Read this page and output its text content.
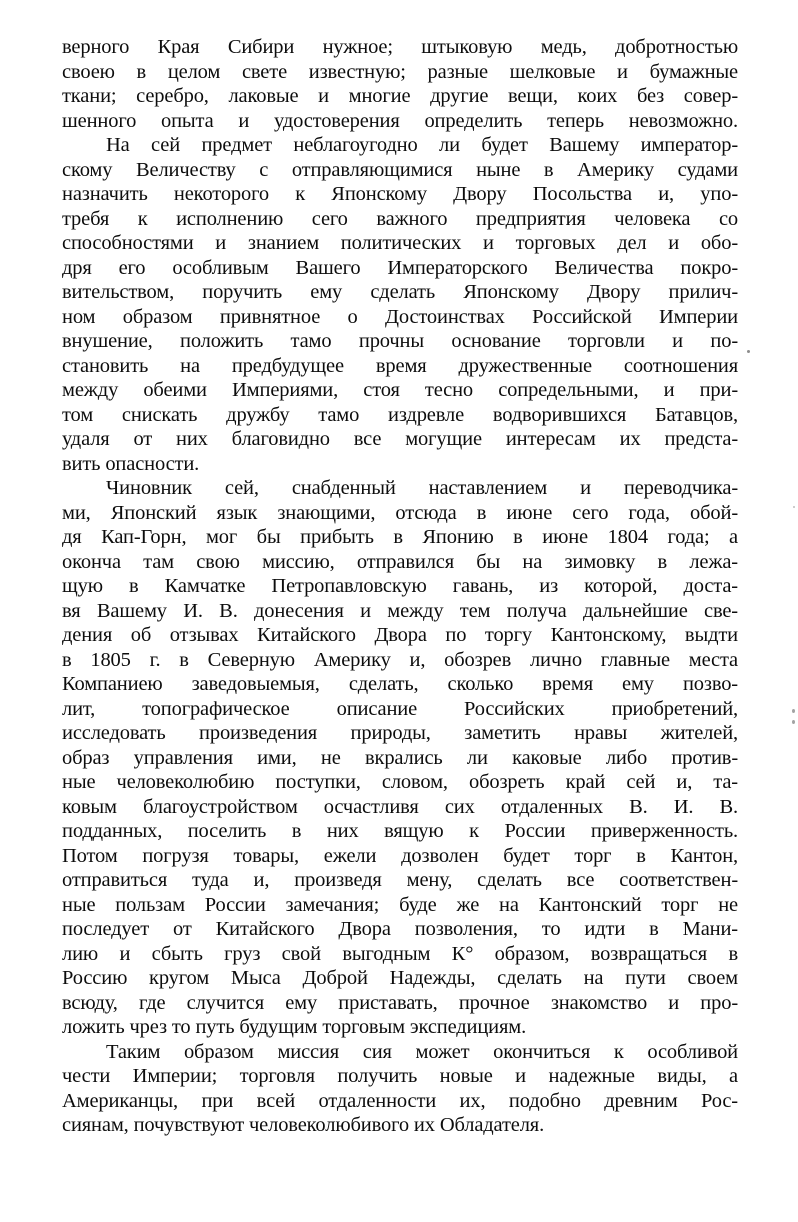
верного Края Сибири нужное; штыковую медь, добротностью
своею в целом свете известную; разные шелковые и бумажные
ткани; серебро, лаковые и многие другие вещи, коих без совер-
шенного опыта и удостоверения определить теперь невозможно.
На сей предмет неблагоугодно ли будет Вашему император-
скому Величеству с отправляющимися ныне в Америку судами
назначить некоторого к Японскому Двору Посольства и, упо-
требя к исполнению сего важного предприятия человека со
способностями и знанием политических и торговых дел и обо-
дря его особливым Вашего Императорского Величества покро-
вительством, поручить ему сделать Японскому Двору прилич-
ном образом привнятное о Достоинствах Российской Империи
внушение, положить тамо прочны основание торговли и по-
становить на предбудущее время дружественные соотношения
между обеими Империями, стоя тесно сопредельными, и при-
том снискать дружбу тамо издревле водворившихся Батавцов,
удаля от них благовидно все могущие интересам их предста-
вить опасности.
Чиновник сей, снабденный наставлением и переводчика-
ми, Японский язык знающими, отсюда в июне сего года, обой-
дя Кап-Горн, мог бы прибыть в Японию в июне 1804 года; а
оконча там свою миссию, отправился бы на зимовку в лежа-
щую в Камчатке Петропавловскую гавань, из которой, доста-
вя Вашему И. В. донесения и между тем получа дальнейшие све-
дения об отзывах Китайского Двора по торгу Кантонскому, выдти
в 1805 г. в Северную Америку и, обозрев лично главные места
Компаниею заведовыемыя, сделать, сколько время ему позво-
лит, топографическое описание Российских приобретений,
исследовать произведения природы, заметить нравы жителей,
образ управления ими, не вкрались ли каковые либо против-
ные человеколюбию поступки, словом, обозреть край сей и, та-
ковым благоустройством осчастливя сих отдаленных В. И. В.
подданных, поселить в них вящую к России приверженность.
Потом погрузя товары, ежели дозволен будет торг в Кантон,
отправиться туда и, произведя мену, сделать все соответствен-
ные пользам России замечания; буде же на Кантонский торг не
последует от Китайского Двора позволения, то идти в Мани-
лию и сбыть груз свой выгодным К° образом, возвращаться в
Россию кругом Мыса Доброй Надежды, сделать на пути своем
всюду, где случится ему приставать, прочное знакомство и про-
ложить чрез то путь будущим торговым экспедициям.
Таким образом миссия сия может окончиться к особливой
чести Империи; торговля получить новые и надежные виды, а
Американцы, при всей отдаленности их, подобно древним Рос-
сиянам, почувствуют человеколюбивого их Обладателя.
